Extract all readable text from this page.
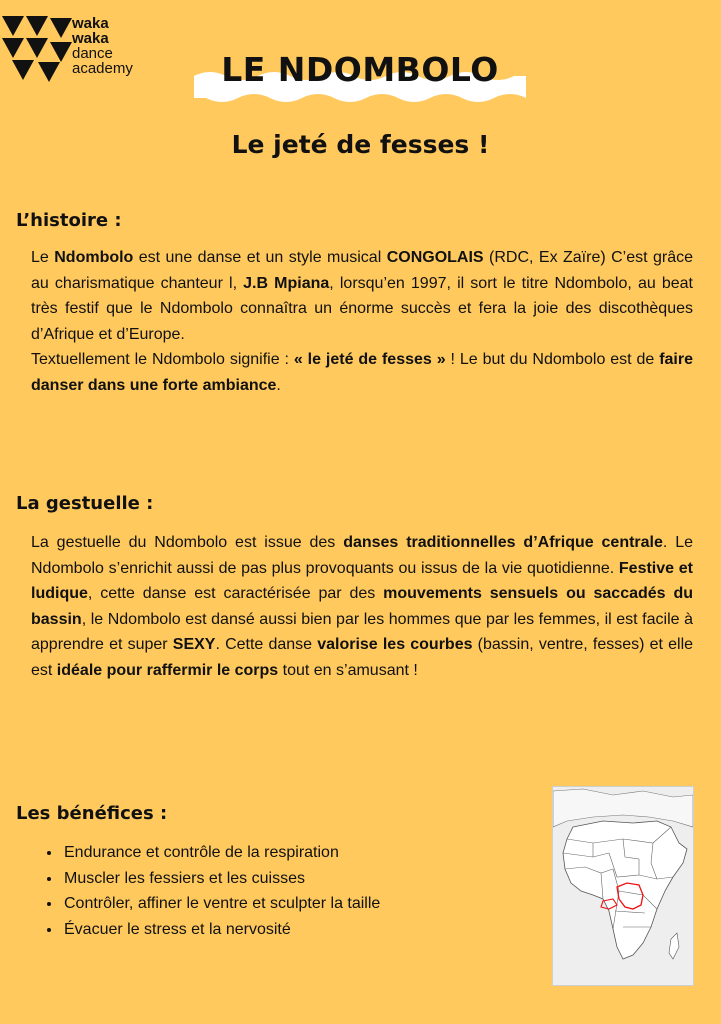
waka
waka
dance
academy	LE NDOMBOLO
Le jeté de fesses !
L’histoire :
Le Ndombolo est une danse et un style musical CONGOLAIS (RDC, Ex Zaïre) C’est grâce au charismatique chanteur l, J.B Mpiana, lorsqu’en 1997, il sort le titre Ndombolo, au beat très festif que le Ndombolo connaîtra un énorme succès et fera la joie des discothèques d’Afrique et d’Europe.
Textuellement le Ndombolo signifie : « le jeté de fesses » ! Le but du Ndombolo est de faire danser dans une forte ambiance.
La gestuelle :
La gestuelle du Ndombolo est issue des danses traditionnelles d’Afrique centrale. Le Ndombolo s’enrichit aussi de pas plus provoquants ou issus de la vie quotidienne. Festive et ludique, cette danse est caractérisée par des mouvements sensuels ou saccadés du bassin, le Ndombolo est dansé aussi bien par les hommes que par les femmes, il est facile à apprendre et super SEXY. Cette danse valorise les courbes (bassin, ventre, fesses) et elle est idéale pour raffermir le corps tout en s’amusant !
Les bénéfices :
• Endurance et contrôle de la respiration
• Muscler les fessiers et les cuisses
• Contrôler, affiner le ventre et sculpter la taille
• Évacuer le stress et la nervosité
